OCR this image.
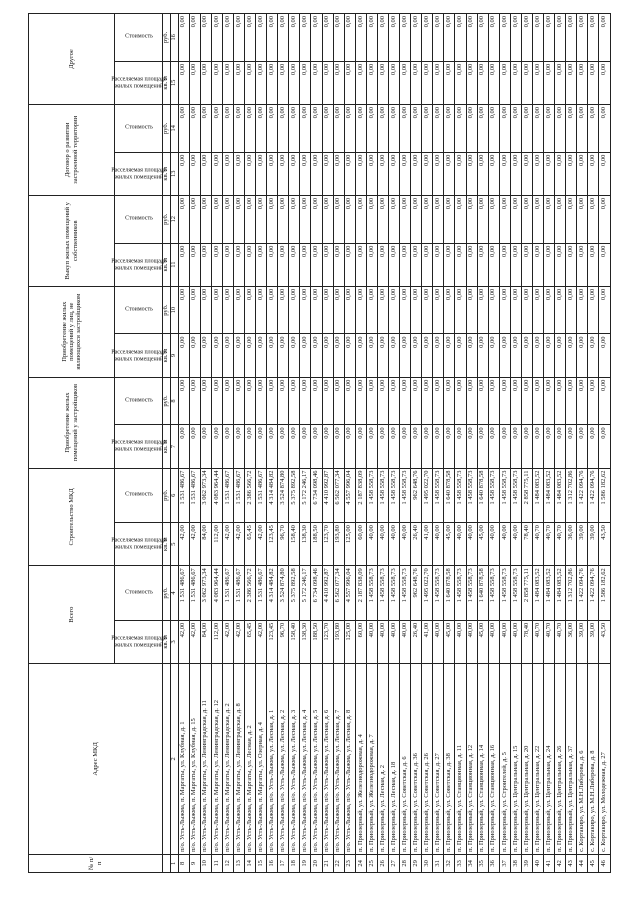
№ п/п	Адрес МКД	Всего		Строительство МКД		Приобретение жилых помещений у застройщиков		Приобретение жилых помещений у лиц, не являющихся застройщиком		Выкуп жилых помещений у собственников		Договор о развитии застроенной территории		Другое	

		Расселяемая площадь жилых помещений	Стоимость	Расселяемая площадь жилых помещений	Стоимость	Расселяемая площадь жилых помещений	Стоимость	Расселяемая площадь жилых помещений	Стоимость	Расселяемая площадь жилых помещений	Стоимость	Расселяемая площадь жилых помещений	Стоимость	Расселяемая площадь жилых помещений	Стоимость

		кв. м	руб.	кв. м	руб.	кв. м	руб.	кв. м	руб.	кв. м	руб.	кв. м	руб.	кв. м	руб.
1	2	3	4	5	6	7	8	9	10	11	12	13	14	15	16
8	п/о. Усть-Лыжма, п. Маргаты, ул. Клубная, д. 1	42,00	1 531 486,67	42,00	1 531 486,67	0,00	0,00	0,00	0,00	0,00	0,00	0,00	0,00	0,00	0,00
9	п/о. Усть-Лыжма, п. Маргаты, ул. Клубная, д. 15	42,00	1 531 486,67	42,00	1 531 486,67	0,00	0,00	0,00	0,00	0,00	0,00	0,00	0,00	0,00	0,00
10	п/о. Усть-Лыжма, п. Маргаты, ул. Ленинградская, д. 11	84,00	3 062 973,34	84,00	3 062 973,34	0,00	0,00	0,00	0,00	0,00	0,00	0,00	0,00	0,00	0,00
11	п/о. Усть-Лыжма, п. Маргаты, ул. Ленинградская, д. 12	112,00	4 083 964,44	112,00	4 083 964,44	0,00	0,00	0,00	0,00	0,00	0,00	0,00	0,00	0,00	0,00
12	п/о. Усть-Лыжма, п. Маргаты, ул. Ленинградская, д. 2	42,00	1 531 486,67	42,00	1 531 486,67	0,00	0,00	0,00	0,00	0,00	0,00	0,00	0,00	0,00	0,00
13	п/о. Усть-Лыжма, п. Маргаты, ул. Ленинградская, д. 8	42,00	1 531 486,67	42,00	1 531 486,67	0,00	0,00	0,00	0,00	0,00	0,00	0,00	0,00	0,00	0,00
14	п/о. Усть-Лыжма, п. Маргаты, ул. Лесная, д. 2	65,45	2 386 566,72	65,45	2 386 566,72	0,00	0,00	0,00	0,00	0,00	0,00	0,00	0,00	0,00	0,00
15	п/о. Усть-Лыжма, п. Маргаты, ул. Озерная, д. 4	42,00	1 531 486,67	42,00	1 531 486,67	0,00	0,00	0,00	0,00	0,00	0,00	0,00	0,00	0,00	0,00
16	п/о. Усть-Лыжма, п/о. Усть-Лыжма, ул. Лесная, д. 1	123,45	4 314 484,82	123,45	4 314 484,82	0,00	0,00	0,00	0,00	0,00	0,00	0,00	0,00	0,00	0,00
17	п/о. Усть-Лыжма, п/о. Усть-Лыжма, ул. Лесная, д. 2	96,70	3 524 874,80	96,70	3 524 874,80	0,00	0,00	0,00	0,00	0,00	0,00	0,00	0,00	0,00	0,00
18	п/о. Усть-Лыжма, п/о. Усть-Лыжма, ул. Лесная, д. 3	158,40	5 375 892,58	158,40	5 375 892,58	0,00	0,00	0,00	0,00	0,00	0,00	0,00	0,00	0,00	0,00
19	п/о. Усть-Лыжма, п/о. Усть-Лыжма, ул. Лесная, д. 4	138,30	5 172 246,17	138,30	5 172 246,17	0,00	0,00	0,00	0,00	0,00	0,00	0,00	0,00	0,00	0,00
20	п/о. Усть-Лыжма, п/о. Усть-Лыжма, ул. Лесная, д. 5	188,50	6 734 098,46	188,50	6 734 098,46	0,00	0,00	0,00	0,00	0,00	0,00	0,00	0,00	0,00	0,00
21	п/о. Усть-Лыжма, п/о. Усть-Лыжма, ул. Лесная, д. 6	123,70	4 410 992,87	123,70	4 410 992,87	0,00	0,00	0,00	0,00	0,00	0,00	0,00	0,00	0,00	0,00
22	п/о. Усть-Лыжма, п/о. Усть-Лыжма, ул. Лесная, д. 7	193,80	6 562 077,34	193,80	6 562 077,34	0,00	0,00	0,00	0,00	0,00	0,00	0,00	0,00	0,00	0,00
23	п/о. Усть-Лыжма, п/о. Усть-Лыжма, ул. Лесная, д. 8	125,00	4 557 996,04	125,00	4 557 996,04	0,00	0,00	0,00	0,00	0,00	0,00	0,00	0,00	0,00	0,00
24	п. Приозерный, ул. Железнодорожная, д. 4	60,00	2 187 838,09	60,00	2 187 838,09	0,00	0,00	0,00	0,00	0,00	0,00	0,00	0,00	0,00	0,00
25	п. Приозерный, ул. Железнодорожная, д. 7	40,00	1 458 558,73	40,00	1 458 558,73	0,00	0,00	0,00	0,00	0,00	0,00	0,00	0,00	0,00	0,00
26	п. Приозерный, ул. Лесная, д. 2	40,00	1 458 558,73	40,00	1 458 558,73	0,00	0,00	0,00	0,00	0,00	0,00	0,00	0,00	0,00	0,00
27	п. Приозерный, ул. Лесная, д. 18	40,00	1 458 558,73	40,00	1 458 558,73	0,00	0,00	0,00	0,00	0,00	0,00	0,00	0,00	0,00	0,00
28	п. Приозерный, ул. Советская, д. 6	40,00	1 458 558,73	40,00	1 458 558,73	0,00	0,00	0,00	0,00	0,00	0,00	0,00	0,00	0,00	0,00
29	п. Приозерный, ул. Советская, д. 36	26,40	962 648,76	26,40	962 648,76	0,00	0,00	0,00	0,00	0,00	0,00	0,00	0,00	0,00	0,00
30	п. Приозерный, ул. Советская, д. 26	41,00	1 495 022,70	41,00	1 495 022,70	0,00	0,00	0,00	0,00	0,00	0,00	0,00	0,00	0,00	0,00
31	п. Приозерный, ул. Советская, д. 27	40,00	1 458 558,73	40,00	1 458 558,73	0,00	0,00	0,00	0,00	0,00	0,00	0,00	0,00	0,00	0,00
32	п. Приозерный, ул. Советская, д. 38	45,00	1 640 878,58	45,00	1 640 878,58	0,00	0,00	0,00	0,00	0,00	0,00	0,00	0,00	0,00	0,00
33	п. Приозерный, ул. Станционная, д. 11	40,00	1 458 558,73	40,00	1 458 558,73	0,00	0,00	0,00	0,00	0,00	0,00	0,00	0,00	0,00	0,00
34	п. Приозерный, ул. Станционная, д. 12	40,00	1 458 558,73	40,00	1 458 558,73	0,00	0,00	0,00	0,00	0,00	0,00	0,00	0,00	0,00	0,00
35	п. Приозерный, ул. Станционная, д. 14	45,00	1 640 878,58	45,00	1 640 878,58	0,00	0,00	0,00	0,00	0,00	0,00	0,00	0,00	0,00	0,00
36	п. Приозерный, ул. Станционная, д. 16	40,00	1 458 558,73	40,00	1 458 558,73	0,00	0,00	0,00	0,00	0,00	0,00	0,00	0,00	0,00	0,00
37	п. Приозерный, ул. Строителей, д. 5	40,00	1 458 558,73	40,00	1 458 558,73	0,00	0,00	0,00	0,00	0,00	0,00	0,00	0,00	0,00	0,00
38	п. Приозерный, ул. Центральная, д. 15	40,00	1 458 558,73	40,00	1 458 558,73	0,00	0,00	0,00	0,00	0,00	0,00	0,00	0,00	0,00	0,00
39	п. Приозерный, ул. Центральная, д. 20	78,40	2 858 775,11	78,40	2 858 775,11	0,00	0,00	0,00	0,00	0,00	0,00	0,00	0,00	0,00	0,00
40	п. Приозерный, ул. Центральная, д. 22	40,70	1 484 083,52	40,70	1 484 083,52	0,00	0,00	0,00	0,00	0,00	0,00	0,00	0,00	0,00	0,00
41	п. Приозерный, ул. Центральная, д. 24	40,70	1 484 083,52	40,70	1 484 083,52	0,00	0,00	0,00	0,00	0,00	0,00	0,00	0,00	0,00	0,00
42	п. Приозерный, ул. Центральная, д. 26	40,70	1 484 083,52	40,70	1 484 083,52	0,00	0,00	0,00	0,00	0,00	0,00	0,00	0,00	0,00	0,00
43	п. Приозерный, ул. Центральная, д. 37	36,00	1 312 702,86	36,00	1 312 702,86	0,00	0,00	0,00	0,00	0,00	0,00	0,00	0,00	0,00	0,00
44	с. Кортакиро, ул. М.Н.Либерова, д. 6	39,00	1 422 094,76	39,00	1 422 094,76	0,00	0,00	0,00	0,00	0,00	0,00	0,00	0,00	0,00	0,00
45	с. Кортакиро, ул. М.Н.Либерова, д. 8	39,00	1 422 094,76	39,00	1 422 094,76	0,00	0,00	0,00	0,00	0,00	0,00	0,00	0,00	0,00	0,00
46	с. Кортакиро, ул. Молодежная, д. 27	43,50	1 586 182,62	43,50	1 586 182,62	0,00	0,00	0,00	0,00	0,00	0,00	0,00	0,00	0,00	0,00
